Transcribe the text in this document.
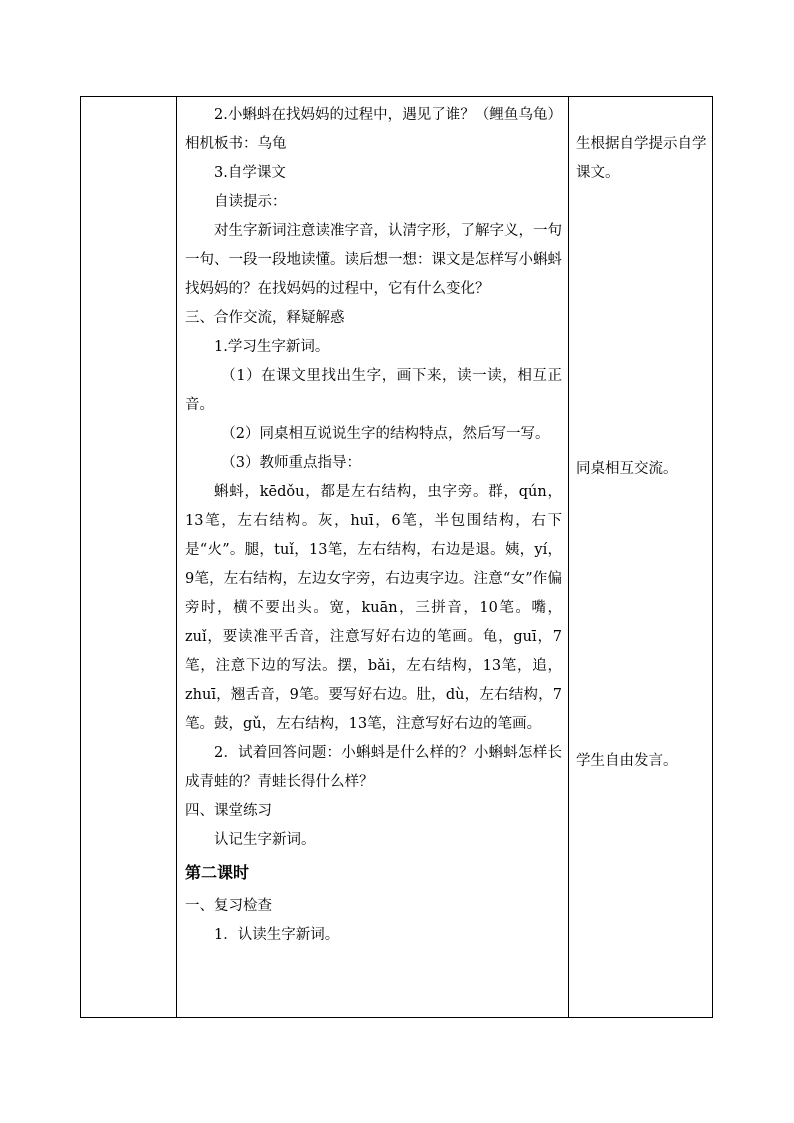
2.小蝌蚪在找妈妈的过程中，遇见了谁？（鲤鱼乌龟）相机板书：乌龟

3.自学课文

自读提示：

对生字新词注意读准字音，认清字形，了解字义，一句一句、一段一段地读懂。读后想一想：课文是怎样写小蝌蚪找妈妈的？在找妈妈的过程中，它有什么变化？

三、合作交流，释疑解惑

1.学习生字新词。

（1）在课文里找出生字，画下来，读一读，相互正音。

（2）同桌相互说说生字的结构特点，然后写一写。

（3）教师重点指导：

蝌蚪，kēdǒu，都是左右结构，虫字旁。群，qún，13笔，左右结构。灰，huī，6笔，半包围结构，右下是“火”。腿，tuǐ，13笔，左右结构，右边是退。姨，yí，9笔，左右结构，左边女字旁，右边夷字边。注意“女”作偏旁时，横不要出头。宽，kuān，三拼音，10笔。嘴，zuǐ，要读准平舌音，注意写好右边的笔画。龟，guī，7笔，注意下边的写法。摆，bǎi，左右结构，13笔，追，zhuī，翘舌音，9笔。要写好右边。肚，dù，左右结构，7笔。鼓，gǔ，左右结构，13笔，注意写好右边的笔画。

2．试着回答问题：小蝌蚪是什么样的？小蝌蚪怎样长成青蛙的？青蛙长得什么样？

四、课堂练习

认记生字新词。

第二课时

一、复习检查

1．认读生字新词。

生根据自学提示自学课文。

同桌相互交流。

学生自由发言。
